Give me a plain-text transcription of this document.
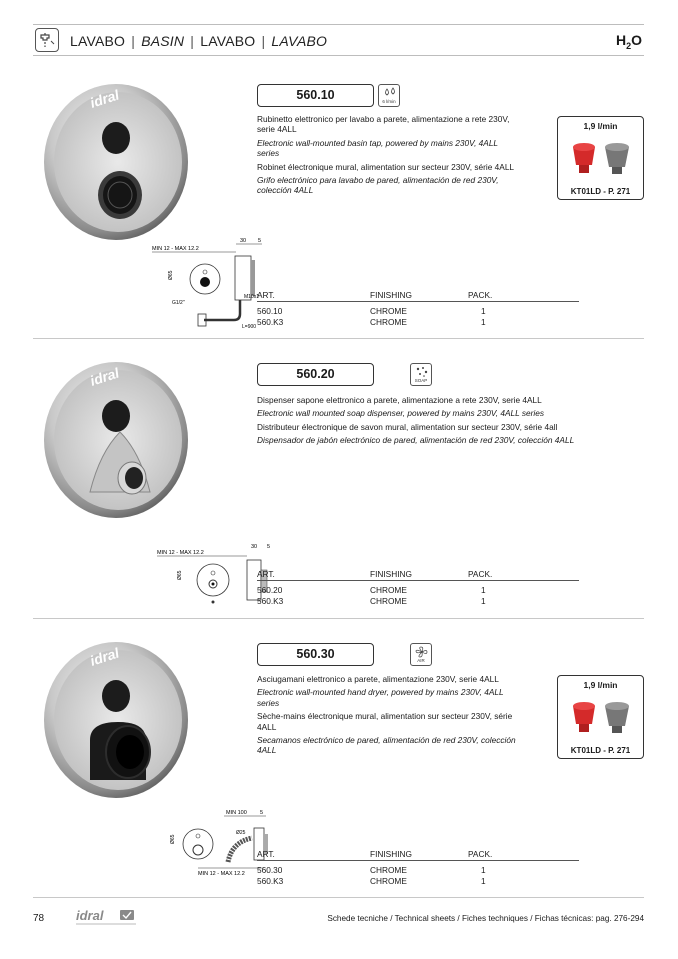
LAVABO | BASIN | LAVABO | LAVABO	$H_2O$
idral
MIN 12 - MAX 12.2
30 5
Ø65
G1/2"
M10x1
L=900
560.10	6 l/min

Rubinetto elettronico per lavabo a parete, alimentazione a rete 230V, serie 4ALL

Electronic wall-mounted basin tap, powered by mains 230V, 4ALL series

Robinet électronique mural, alimentation sur secteur 230V, série 4ALL

Grifo electrónico para lavabo de pared, alimentación de red 230V, colección 4ALL

1,9 l/min
KT01LD - P. 271
ART.	FINISHING	PACK.
560.10	CHROME	1
560.K3	CHROME	1
idral
MIN 12 - MAX 12.2
30 5
Ø65
560.20	SOAP

Dispenser sapone elettronico a parete, alimentazione a rete 230V, serie 4ALL

Electronic wall mounted soap dispenser, powered by mains 230V, 4ALL series

Distributeur électronique de savon mural, alimentation sur secteur 230V, série 4all

Dispensador de jabón electrónico de pared, alimentación de red 230V, colección 4ALL

ART.	FINISHING	PACK.
560.20	CHROME	1
560.K3	CHROME	1
idral
MIN 100 5
Ø65
Ø25
MIN 12 - MAX 12.2
560.30	AIR

Asciugamani elettronico a parete, alimentazione 230V, serie 4ALL

Electronic wall-mounted hand dryer, powered by mains 230V, 4ALL series

Sèche-mains électronique mural, alimentation sur secteur 230V, série 4ALL

Secamanos electrónico de pared, alimentación de red 230V, colección 4ALL

1,9 l/min
KT01LD - P. 271
ART.	FINISHING	PACK.
560.30	CHROME	1
560.K3	CHROME	1
78 idral	Schede tecniche / Technical sheets / Fiches techniques / Fichas técnicas: pag. 276-294
